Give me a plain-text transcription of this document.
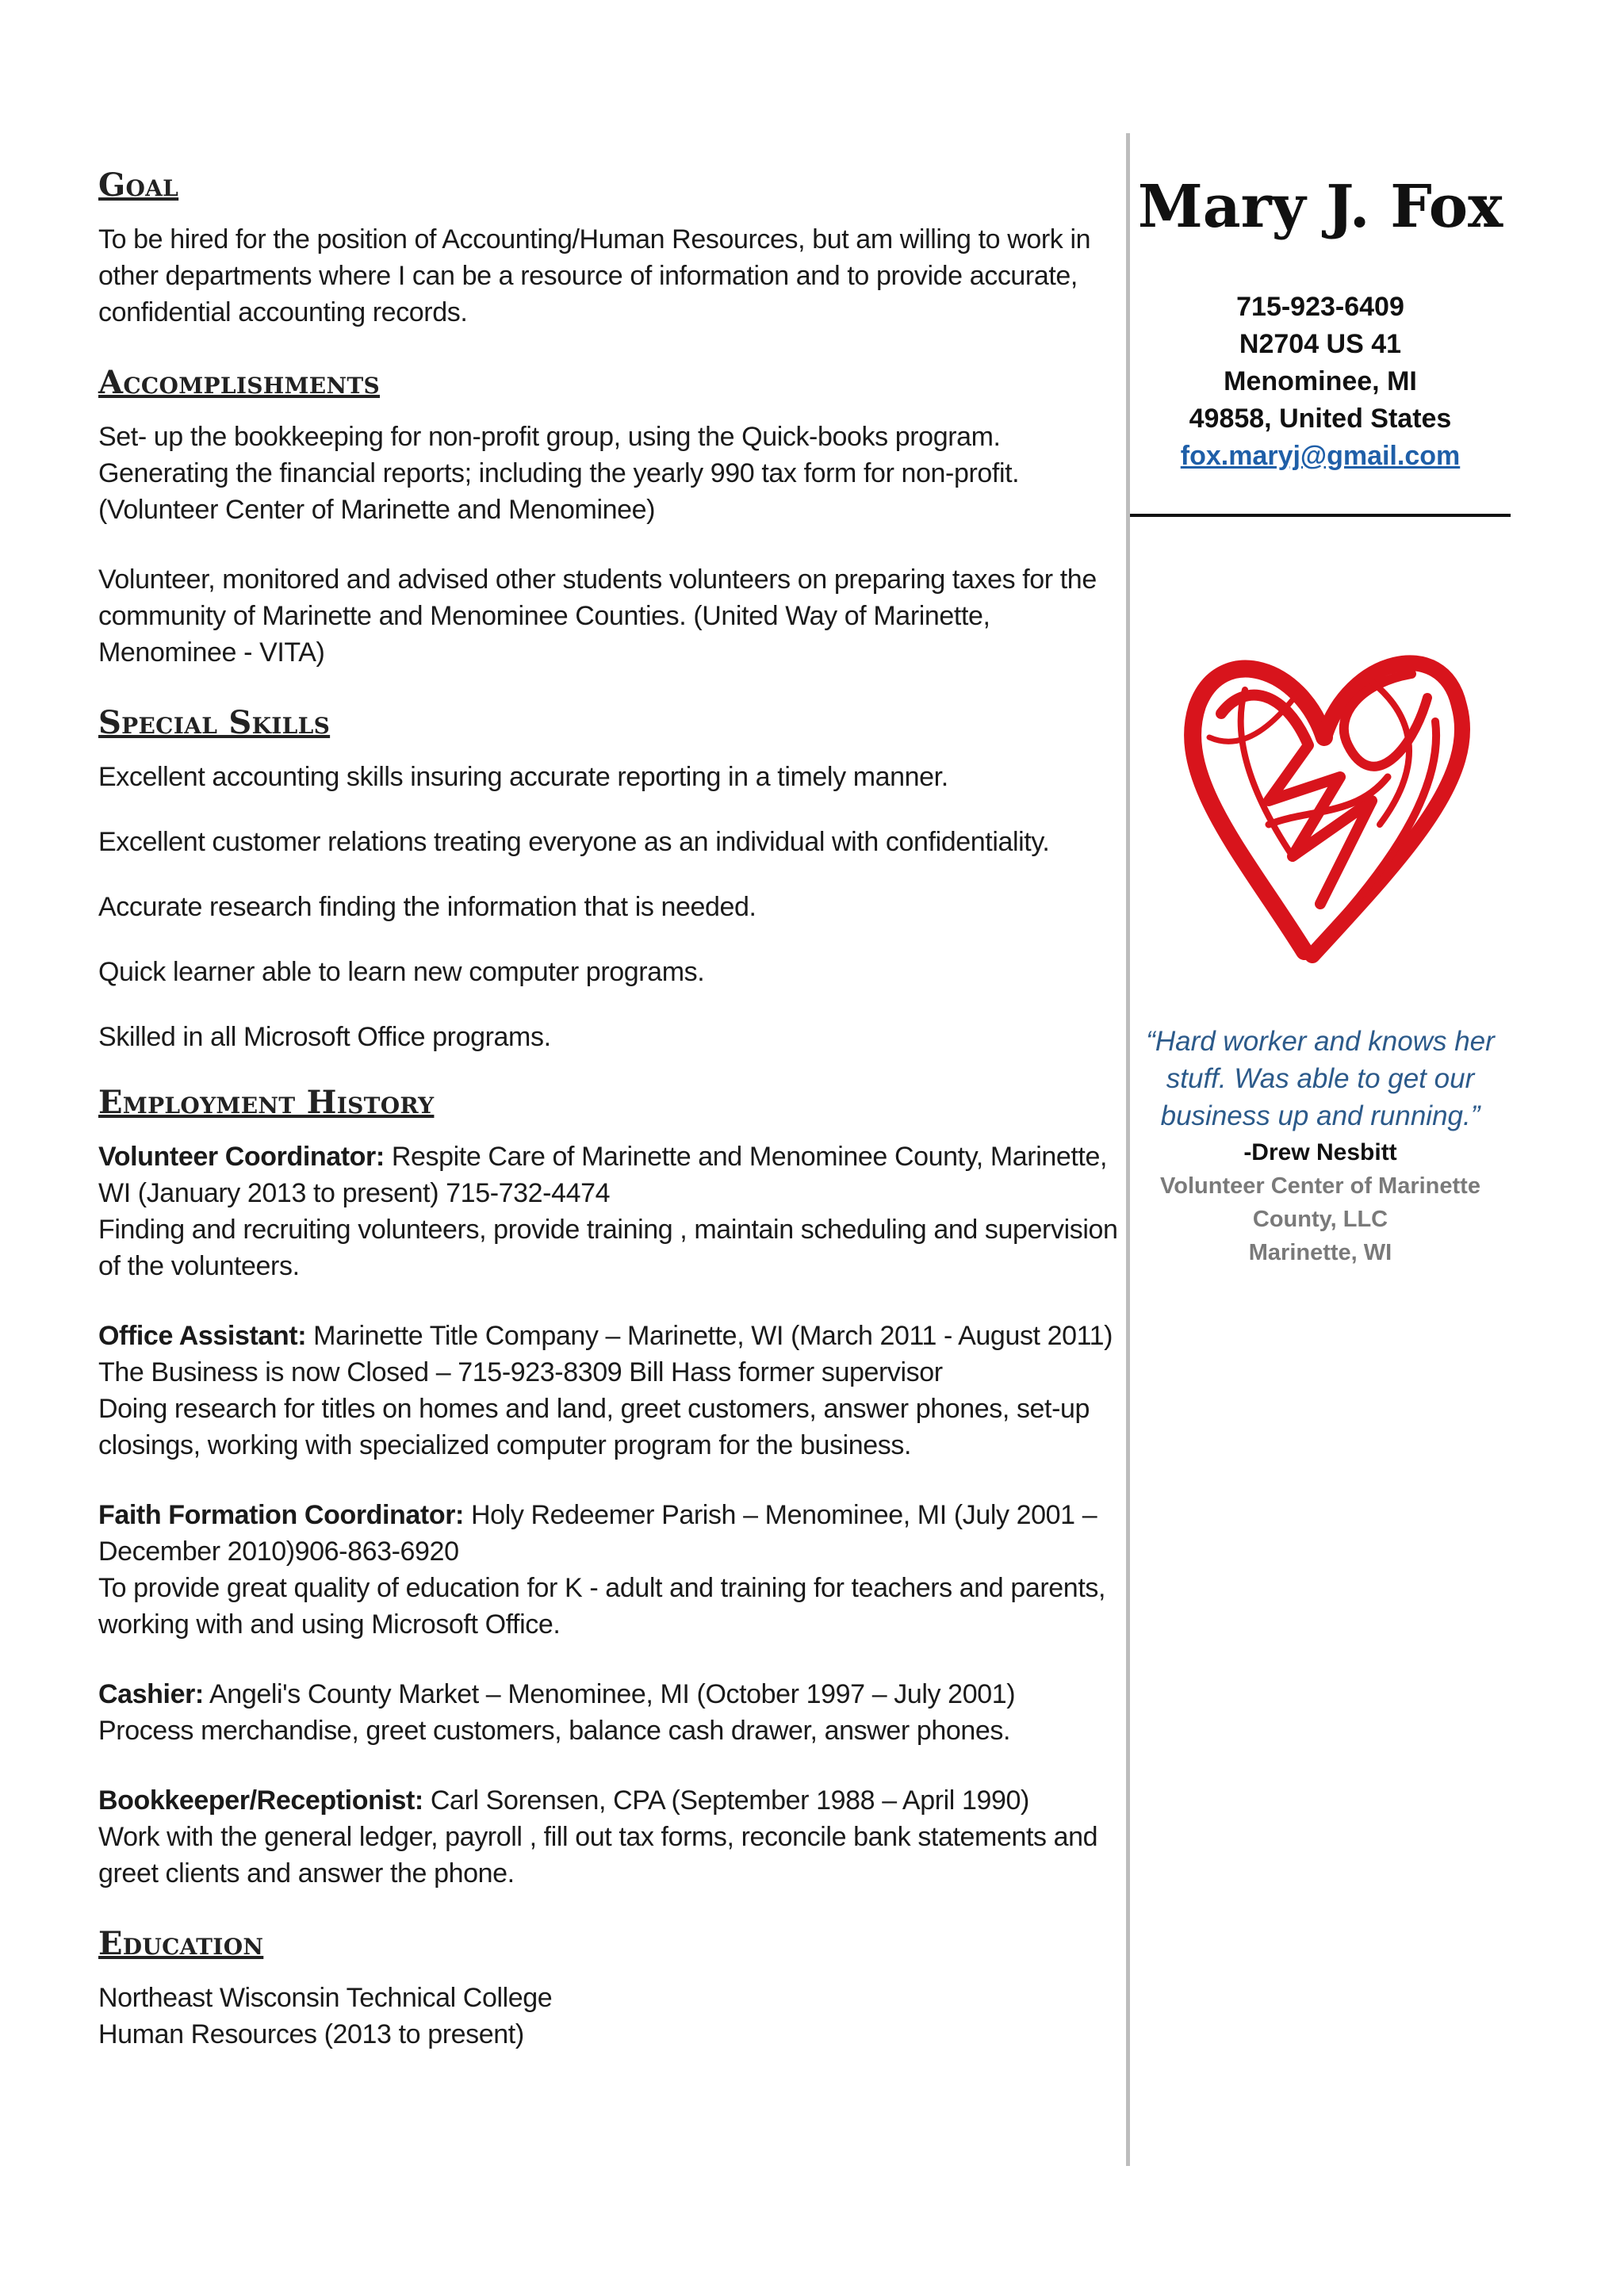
Goal

To be hired for the position of Accounting/Human Resources, but am willing to work in other departments where I can be a resource of information and to provide accurate, confidential accounting records.

Accomplishments

Set- up the bookkeeping for non-profit group, using the Quick-books program. Generating the financial reports; including the yearly 990 tax form for non-profit. (Volunteer Center of Marinette and Menominee)

Volunteer, monitored and advised other students volunteers on preparing taxes for the community of Marinette and Menominee Counties. (United Way of Marinette, Menominee - VITA)

Special Skills

Excellent accounting skills insuring accurate reporting in a timely manner.

Excellent customer relations treating everyone as an individual with confidentiality.

Accurate research finding the information that is needed.

Quick learner able to learn new computer programs.

Skilled in all Microsoft Office programs.

Employment History
Volunteer Coordinator: Respite Care of Marinette and Menominee County, Marinette, WI (January 2013 to present) 715-732-4474
Finding and recruiting volunteers, provide training , maintain scheduling and supervision of the volunteers.
Office Assistant: Marinette Title Company – Marinette, WI (March 2011 - August 2011) The Business is now Closed – 715-923-8309 Bill Hass former supervisor
Doing research for titles on homes and land, greet customers, answer phones, set-up closings, working with specialized computer program for the business.
Faith Formation Coordinator: Holy Redeemer Parish – Menominee, MI (July 2001 – December 2010)906-863-6920
To provide great quality of education for K - adult and training for teachers and parents, working with and using Microsoft Office.
Cashier: Angeli's County Market – Menominee, MI (October 1997 – July 2001)
Process merchandise, greet customers, balance cash drawer, answer phones.
Bookkeeper/Receptionist: Carl Sorensen, CPA (September 1988 – April 1990)
Work with the general ledger, payroll , fill out tax forms, reconcile bank statements and greet clients and answer the phone.
Education
Northeast Wisconsin Technical College
Human Resources (2013 to present)
Mary J. Fox
715-923-6409
N2704 US 41
Menominee, MI
49858, United States
fox.maryj@gmail.com
“Hard worker and knows her
stuff. Was able to get our
business up and running.”
-Drew Nesbitt
Volunteer Center of Marinette
County, LLC
Marinette, WI
